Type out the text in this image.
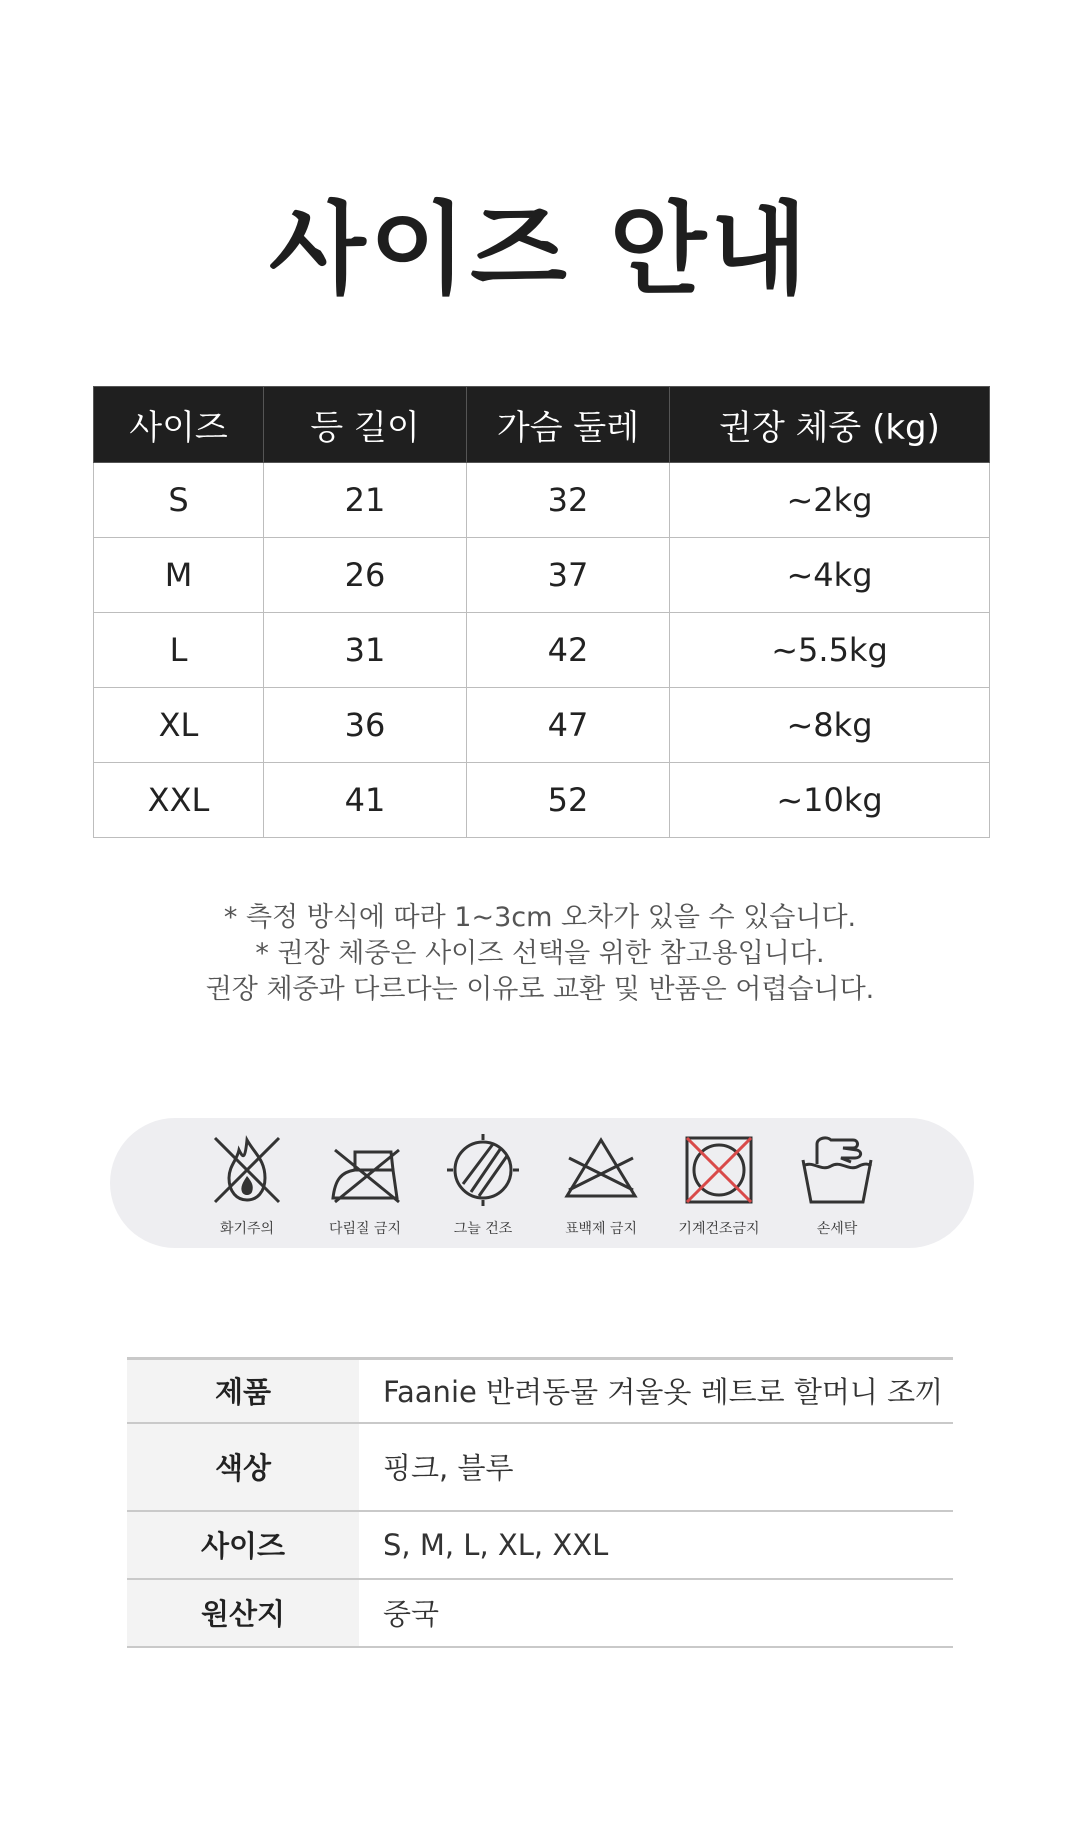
사이즈 안내
사이즈	등 길이	가슴 둘레	권장 체중 (kg)
S	21	32	~2kg
M	26	37	~4kg
L	31	42	~5.5kg
XL	36	47	~8kg
XXL	41	52	~10kg
* 측정 방식에 따라 1~3cm 오차가 있을 수 있습니다.
* 권장 체중은 사이즈 선택을 위한 참고용입니다.
권장 체중과 다르다는 이유로 교환 및 반품은 어렵습니다.
화기주의	다림질 금지	그늘 건조	표백제 금지	기계건조금지	손세탁
제품	Faanie 반려동물 겨울옷 레트로 할머니 조끼
색상	핑크, 블루
사이즈	S, M, L, XL, XXL
원산지	중국
